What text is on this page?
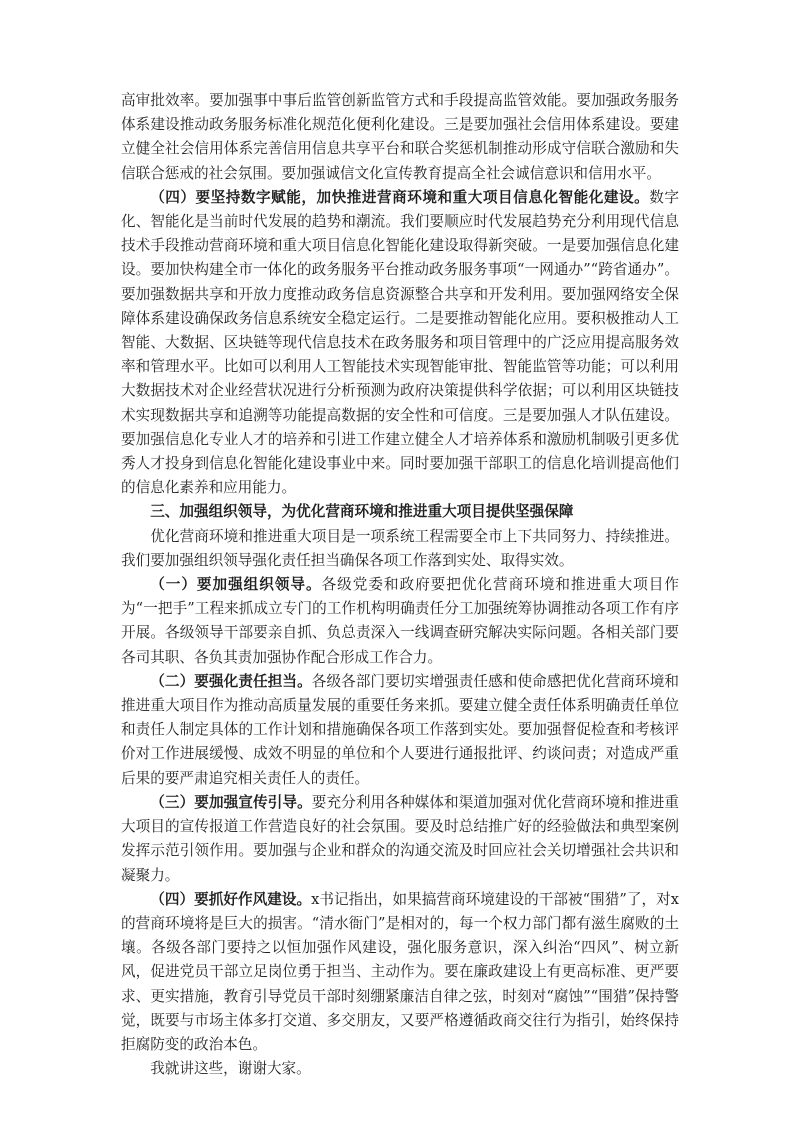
高审批效率。要加强事中事后监管创新监管方式和手段提高监管效能。要加强政务服务体系建设推动政务服务标准化规范化便利化建设。三是要加强社会信用体系建设。要建立健全社会信用体系完善信用信息共享平台和联合奖惩机制推动形成守信联合激励和失信联合惩戒的社会氛围。要加强诚信文化宣传教育提高全社会诚信意识和信用水平。

（四）要坚持数字赋能，加快推进营商环境和重大项目信息化智能化建设。数字化、智能化是当前时代发展的趋势和潮流。我们要顺应时代发展趋势充分利用现代信息技术手段推动营商环境和重大项目信息化智能化建设取得新突破。一是要加强信息化建设。要加快构建全市一体化的政务服务平台推动政务服务事项“一网通办”“跨省通办”。要加强数据共享和开放力度推动政务信息资源整合共享和开发利用。要加强网络安全保障体系建设确保政务信息系统安全稳定运行。二是要推动智能化应用。要积极推动人工智能、大数据、区块链等现代信息技术在政务服务和项目管理中的广泛应用提高服务效率和管理水平。比如可以利用人工智能技术实现智能审批、智能监管等功能；可以利用大数据技术对企业经营状况进行分析预测为政府决策提供科学依据；可以利用区块链技术实现数据共享和追溯等功能提高数据的安全性和可信度。三是要加强人才队伍建设。要加强信息化专业人才的培养和引进工作建立健全人才培养体系和激励机制吸引更多优秀人才投身到信息化智能化建设事业中来。同时要加强干部职工的信息化培训提高他们的信息化素养和应用能力。

三、加强组织领导，为优化营商环境和推进重大项目提供坚强保障

优化营商环境和推进重大项目是一项系统工程需要全市上下共同努力、持续推进。我们要加强组织领导强化责任担当确保各项工作落到实处、取得实效。

（一）要加强组织领导。各级党委和政府要把优化营商环境和推进重大项目作为“一把手”工程来抓成立专门的工作机构明确责任分工加强统筹协调推动各项工作有序开展。各级领导干部要亲自抓、负总责深入一线调查研究解决实际问题。各相关部门要各司其职、各负其责加强协作配合形成工作合力。

（二）要强化责任担当。各级各部门要切实增强责任感和使命感把优化营商环境和推进重大项目作为推动高质量发展的重要任务来抓。要建立健全责任体系明确责任单位和责任人制定具体的工作计划和措施确保各项工作落到实处。要加强督促检查和考核评价对工作进展缓慢、成效不明显的单位和个人要进行通报批评、约谈问责；对造成严重后果的要严肃追究相关责任人的责任。

（三）要加强宣传引导。要充分利用各种媒体和渠道加强对优化营商环境和推进重大项目的宣传报道工作营造良好的社会氛围。要及时总结推广好的经验做法和典型案例发挥示范引领作用。要加强与企业和群众的沟通交流及时回应社会关切增强社会共识和凝聚力。

（四）要抓好作风建设。x书记指出，如果搞营商环境建设的干部被“围猎”了，对x的营商环境将是巨大的损害。“清水衙门”是相对的，每一个权力部门都有滋生腐败的土壤。各级各部门要持之以恒加强作风建设，强化服务意识，深入纠治“四风”、树立新风，促进党员干部立足岗位勇于担当、主动作为。要在廉政建设上有更高标准、更严要求、更实措施，教育引导党员干部时刻绷紧廉洁自律之弦，时刻对“腐蚀”“围猎”保持警觉，既要与市场主体多打交道、多交朋友，又要严格遵循政商交往行为指引，始终保持拒腐防变的政治本色。

我就讲这些，谢谢大家。
